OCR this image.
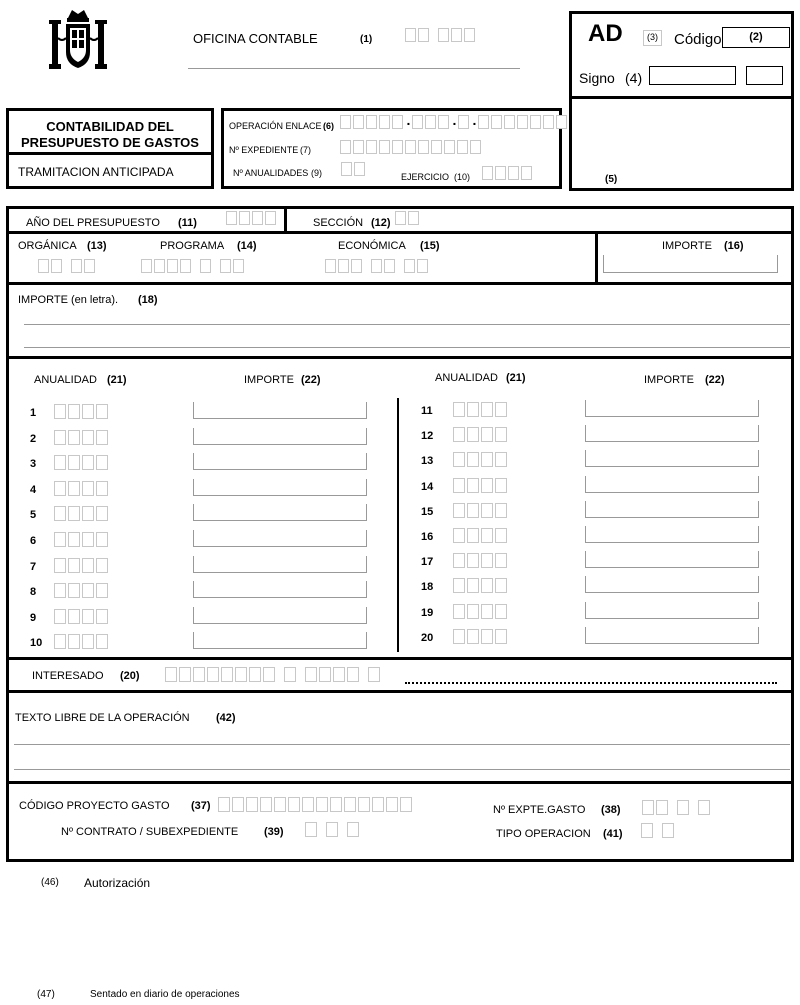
OFICINA CONTABLE	(1)	AD	(3) Código	(2)
Signo (4)
(5)
CONTABILIDAD DEL
PRESUPUESTO DE GASTOS
TRAMITACION ANTICIPADA
OPERACIÓN ENLACE (6)	.	. .
Nº EXPEDIENTE (7)
Nº ANUALIDADES (9)	EJERCICIO (10)
AÑO DEL PRESUPUESTO (11)	SECCIÓN (12)
ORGÁNICA (13)	PROGRAMA (14)	ECONÓMICA (15)	IMPORTE (16)
IMPORTE (en letra). (18)
ANUALIDAD (21)	IMPORTE (22)	ANUALIDAD (21)	IMPORTE (22)
1
2
3
4
5
6
7
8
9
10
11
12
13
14
15
16
17
18
19
20
INTERESADO (20)
TEXTO LIBRE DE LA OPERACIÓN (42)
CÓDIGO PROYECTO GASTO (37)	Nº EXPTE.GASTO (38)
Nº CONTRATO / SUBEXPEDIENTE (39)	TIPO OPERACION (41)
(46) Autorización
(47)	Sentado en diario de operaciones
